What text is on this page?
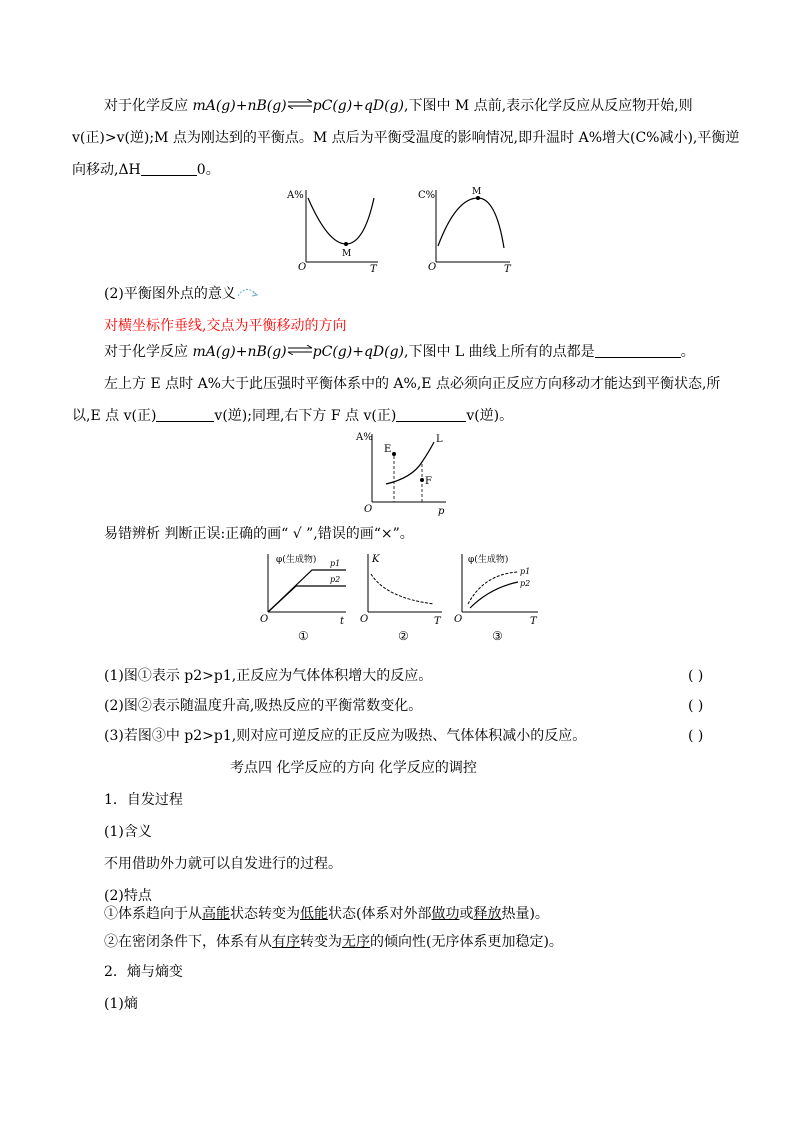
对于化学反应 mA(g)+nB(g)⇌pC(g)+qD(g),下图中 M 点前,表示化学反应从反应物开始,则
v(正)>v(逆);M 点为刚达到的平衡点。M 点后为平衡受温度的影响情况,即升温时 A%增大(C%减小),平衡逆
向移动,ΔH	0。
A%
O	T
M
C%
O	T
M
(2)平衡图外点的意义
对横坐标作垂线,交点为平衡移动的方向
对于化学反应 mA(g)+nB(g)⇌pC(g)+qD(g),下图中 L 曲线上所有的点都是	。
左上方 E 点时 A%大于此压强时平衡体系中的 A%,E 点必须向正反应方向移动才能达到平衡状态,所
以,E 点 v(正)	v(逆);同理,右下方 F 点 v(正)	v(逆)。
A%
O	p
E
F
L
易错辨析 判断正误:正确的画“ √ ”,错误的画“×”。
φ(生成物) p1
p2
O	t
①
K
O	T
②
φ(生成物)
p1
p2
O	T
③
(1)图①表示 p2>p1,正反应为气体体积增大的反应。	( )
(2)图②表示随温度升高,吸热反应的平衡常数变化。	( )
(3)若图③中 p2>p1,则对应可逆反应的正反应为吸热、气体体积减小的反应。	( )
考点四 化学反应的方向 化学反应的调控
1．自发过程
(1)含义
不用借助外力就可以自发进行的过程。
(2)特点
①体系趋向于从高能状态转变为低能状态(体系对外部做功或释放热量)。
②在密闭条件下，体系有从有序转变为无序的倾向性(无序体系更加稳定)。
2．熵与熵变
(1)熵
